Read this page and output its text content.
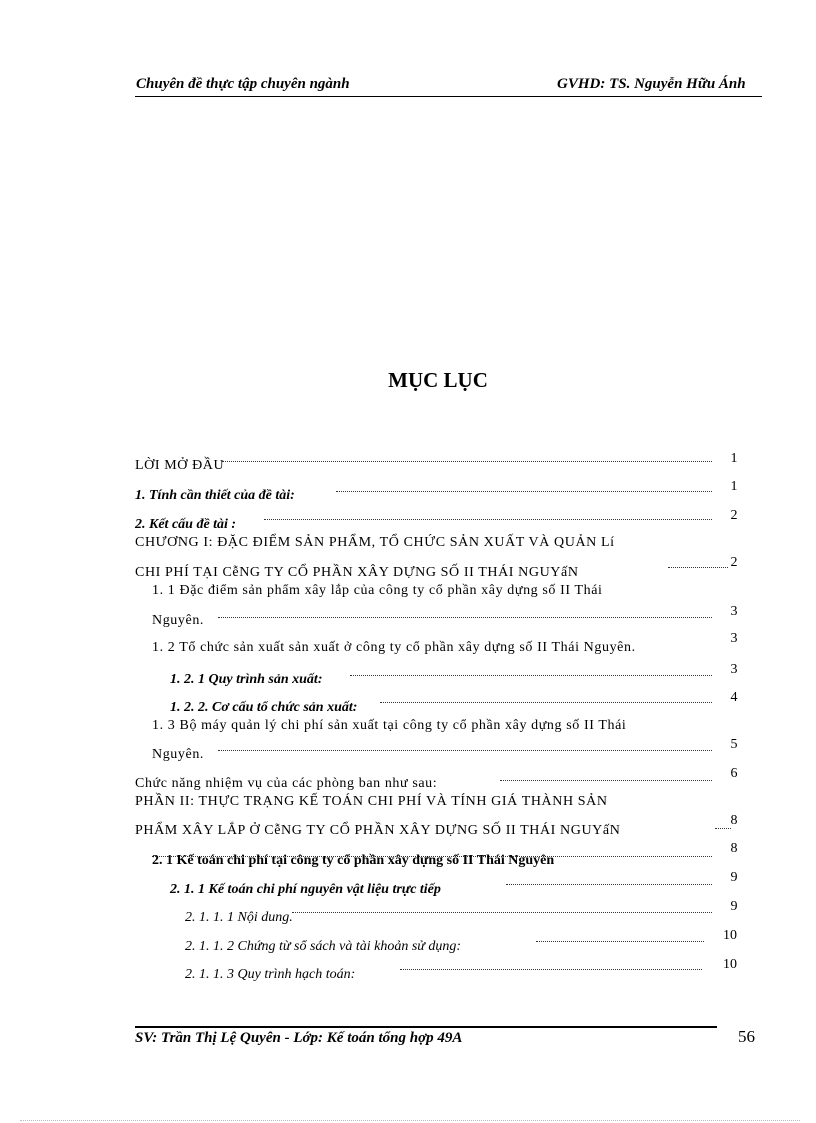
Chuyên đề thực tập chuyên ngành	GVHD: TS. Nguyễn Hữu Ánh
MỤC LỤC
1
LỜI MỞ ĐẦU
1
1. Tính cần thiết của đề tài:
2
2. Kết cấu đề tài :
CHƯƠNG I: ĐẶC ĐIỂM SẢN PHẨM, TỔ CHỨC SẢN XUẤT VÀ QUẢN Lí
2
CHI PHÍ TẠI CễNG TY CỔ PHẦN XÂY DỰNG SỐ II THÁI NGUYấN
1. 1 Đặc điểm sản phẩm xây lắp của công ty cổ phần xây dựng số II Thái
3
Nguyên.
3
1. 2 Tổ chức sản xuất sản xuất ở công ty cổ phần xây dựng số II Thái Nguyên.
3
1. 2. 1 Quy trình sản xuất:
4
1. 2. 2. Cơ cấu tổ chức sản xuất:
1. 3 Bộ máy quản lý chi phí sản xuất tại công ty cổ phần xây dựng số II Thái
5
Nguyên.
6
Chức năng nhiệm vụ của các phòng ban như sau:
PHẦN II: THỰC TRẠNG KẾ TOÁN CHI PHÍ VÀ TÍNH GIÁ THÀNH SẢN
8
PHẨM XÂY LẮP Ở CễNG TY CỔ PHẦN XÂY DỰNG SỐ II THÁI NGUYấN
8
2. 1 Kế toán chi phí tại công ty cổ phần xây dựng số II Thái Nguyên
9
2. 1. 1 Kế toán chi phí nguyên vật liệu trực tiếp
9
2. 1. 1. 1 Nội dung.
10
2. 1. 1. 2 Chứng từ sổ sách và tài khoản sử dụng:
10
2. 1. 1. 3 Quy trình hạch toán:
SV: Trần Thị Lệ Quyên - Lớp: Kế toán tổng hợp 49A	56
